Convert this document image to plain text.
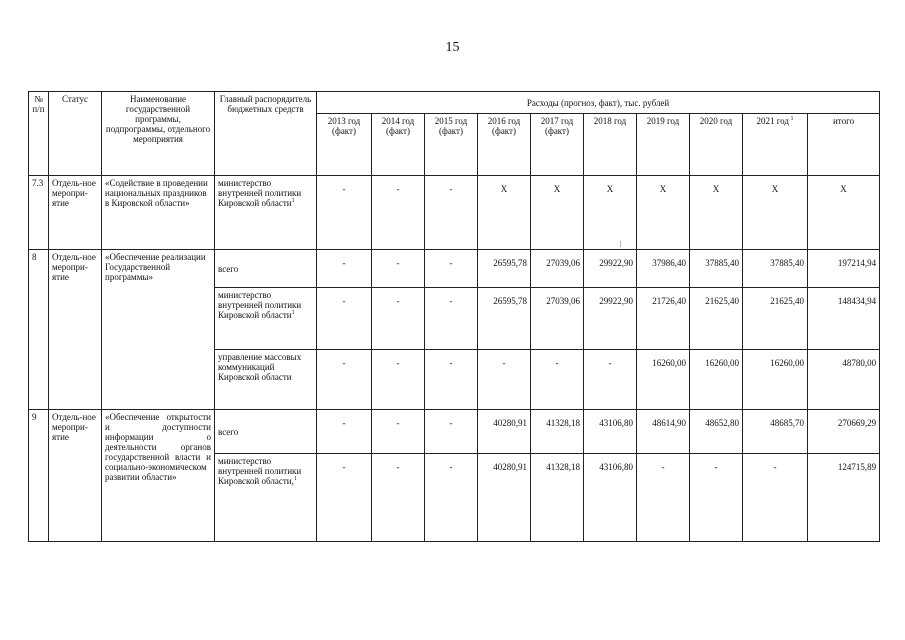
15
№ п/п	Статус	Наименование государственной программы, подпрограммы, отдельного мероприятия	Главный распорядитель бюджетных средств	Расходы (прогноз, факт), тыс. рублей									
				2013 год (факт)	2014 год (факт)	2015 год (факт)	2016 год (факт)	2017 год (факт)	2018 год	2019 год	2020 год	2021 год $^1$	итого
7.3	Отдель-ное меропри-ятие	«Содействие в проведении национальных праздников в Кировской области»	министерство внутренней политики Кировской области$^1$	-	-	-	X	X	X	X	X	X	X
8	Отдель-ное меропри-ятие	«Обеспечение реализации Государственной программы»	всего	-	-	-	26595,78	27039,06	29922,90	37986,40	37885,40	37885,40	197214,94
			министерство внутренней политики Кировской области$^1$	-	-	-	26595,78	27039,06	29922,90	21726,40	21625,40	21625,40	148434,94
			управление массовых коммуникаций Кировской области	-	-	-	-	-	-	16260,00	16260,00	16260,00	48780,00
9	Отдель-ное меропри-ятие	«Обеспечение открытости и доступности информации о деятельности органов государственной власти и социально-экономическом развитии области»	всего	-	-	-	40280,91	41328,18	43106,80	48614,90	48652,80	48685,70	270669,29
			министерство внутренней политики Кировской области,$^1$	-	-	-	40280,91	41328,18	43106,80	-	-	-	124715,89
|
